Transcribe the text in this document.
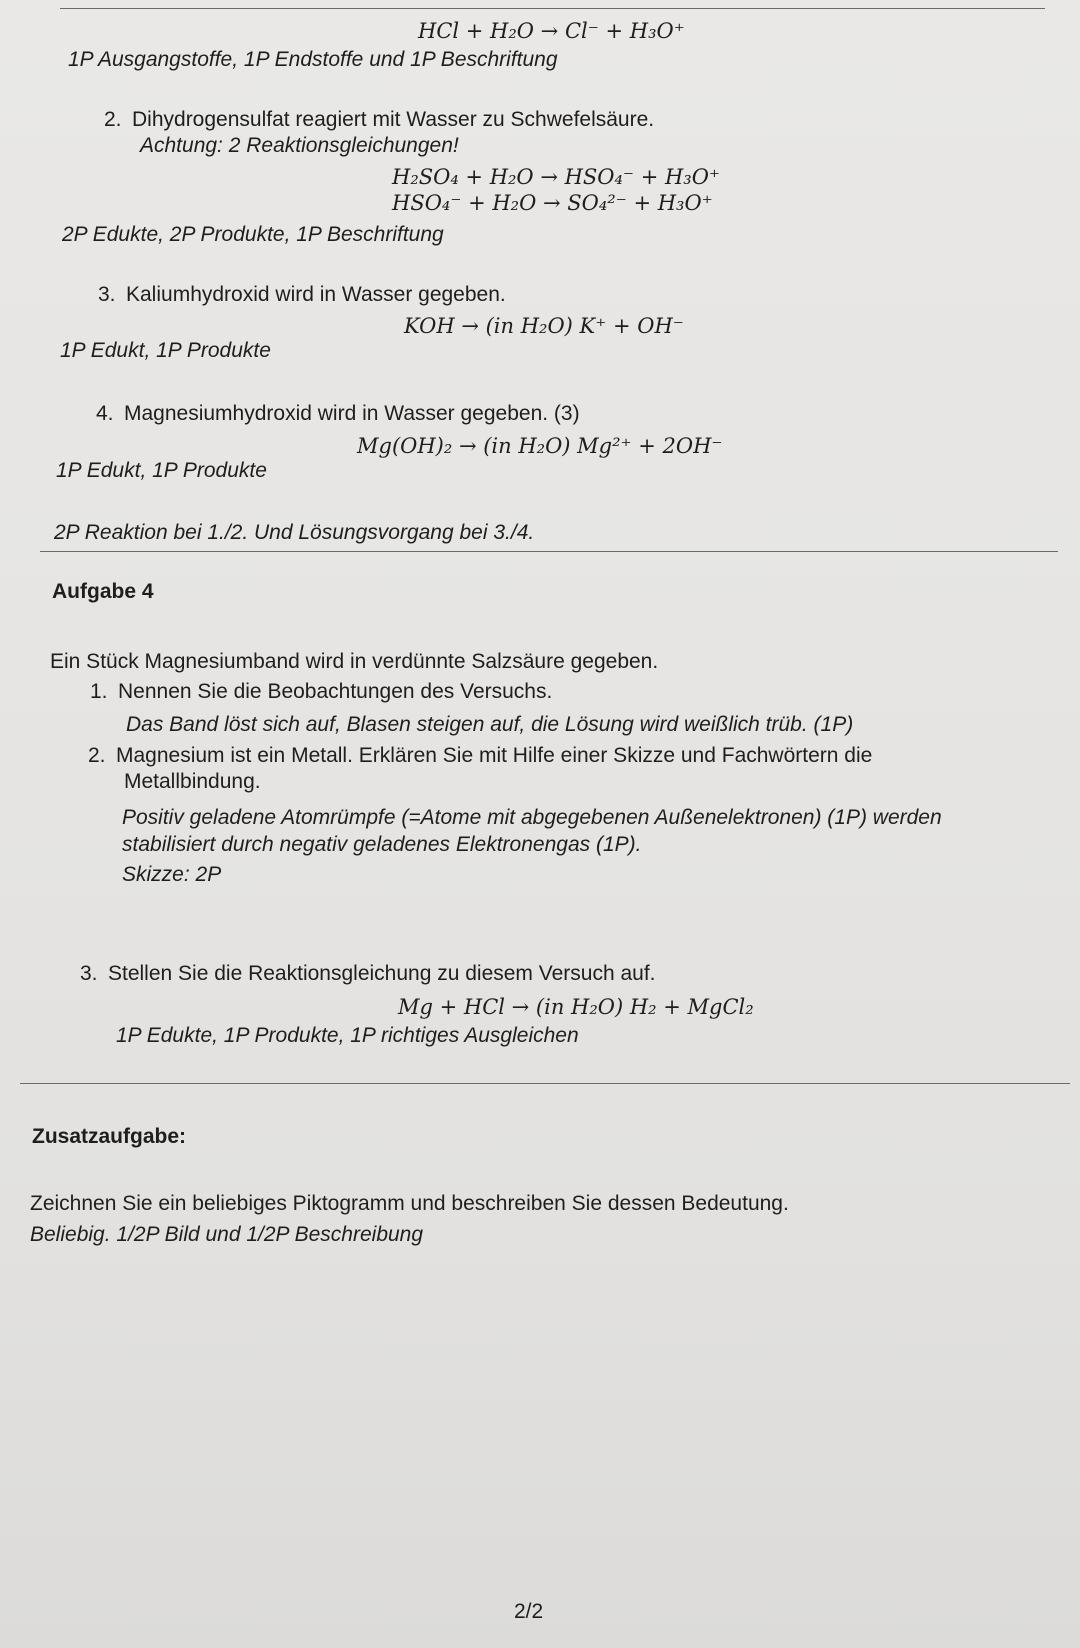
HCl + H₂O → Cl⁻ + H₃O⁺
1P Ausgangstoffe, 1P Endstoffe und 1P Beschriftung
2. Dihydrogensulfat reagiert mit Wasser zu Schwefelsäure.
Achtung: 2 Reaktionsgleichungen!
H₂SO₄ + H₂O → HSO₄⁻ + H₃O⁺
HSO₄⁻ + H₂O → SO₄²⁻ + H₃O⁺
2P Edukte, 2P Produkte, 1P Beschriftung
3. Kaliumhydroxid wird in Wasser gegeben.
KOH → (in H₂O) K⁺ + OH⁻
1P Edukt, 1P Produkte
4. Magnesiumhydroxid wird in Wasser gegeben. (3)
Mg(OH)₂ → (in H₂O) Mg²⁺ + 2OH⁻
1P Edukt, 1P Produkte
2P Reaktion bei 1./2. Und Lösungsvorgang bei 3./4.
Aufgabe 4
Ein Stück Magnesiumband wird in verdünnte Salzsäure gegeben.
1. Nennen Sie die Beobachtungen des Versuchs.
Das Band löst sich auf, Blasen steigen auf, die Lösung wird weißlich trüb. (1P)
2. Magnesium ist ein Metall. Erklären Sie mit Hilfe einer Skizze und Fachwörtern die
Metallbindung.
Positiv geladene Atomrümpfe (=Atome mit abgegebenen Außenelektronen) (1P) werden
stabilisiert durch negativ geladenes Elektronengas (1P).
Skizze: 2P
3. Stellen Sie die Reaktionsgleichung zu diesem Versuch auf.
Mg + HCl → (in H₂O) H₂ + MgCl₂
1P Edukte, 1P Produkte, 1P richtiges Ausgleichen
Zusatzaufgabe:
Zeichnen Sie ein beliebiges Piktogramm und beschreiben Sie dessen Bedeutung.
Beliebig. 1/2P Bild und 1/2P Beschreibung
2/2
